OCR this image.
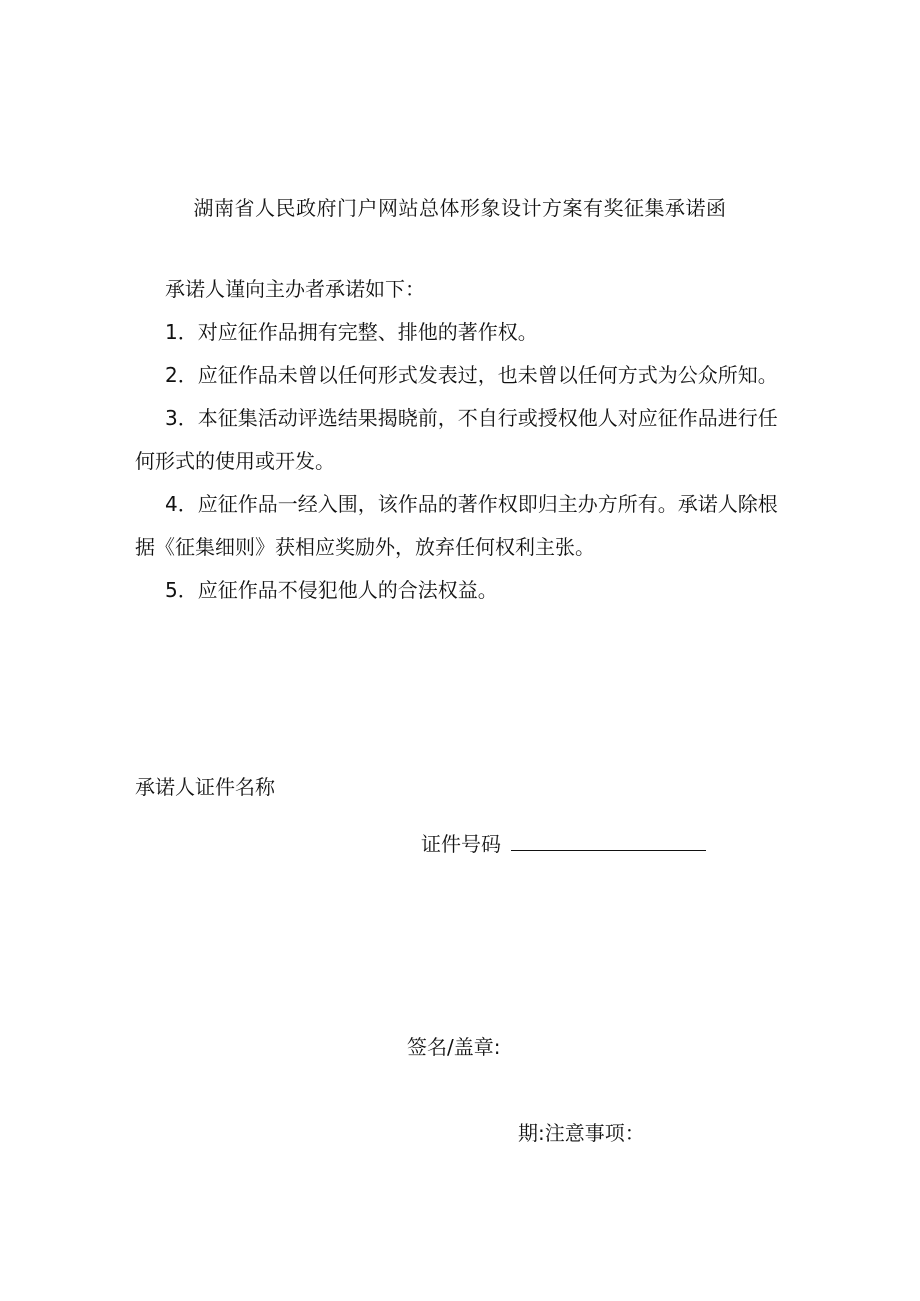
湖南省人民政府门户网站总体形象设计方案有奖征集承诺函

承诺人谨向主办者承诺如下：

1．对应征作品拥有完整、排他的著作权。

2．应征作品未曾以任何形式发表过，也未曾以任何方式为公众所知。

3．本征集活动评选结果揭晓前，不自行或授权他人对应征作品进行任何形式的使用或开发。

4．应征作品一经入围，该作品的著作权即归主办方所有。承诺人除根据《征集细则》获相应奖励外，放弃任何权利主张。

5．应征作品不侵犯他人的合法权益。

承诺人证件名称
证件号码
签名/盖章:
期:注意事项：
